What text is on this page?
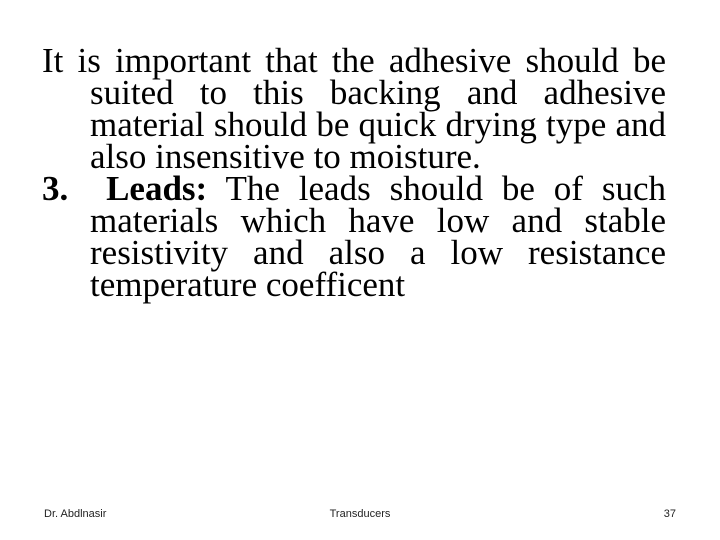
It is important that the adhesive should be suited to this backing and adhesive material should be quick drying type and also insensitive to moisture.

3. Leads: The leads should be of such materials which have low and stable resistivity and also a low resistance temperature coefficent

Dr. Abdlnasir	Transducers	37
